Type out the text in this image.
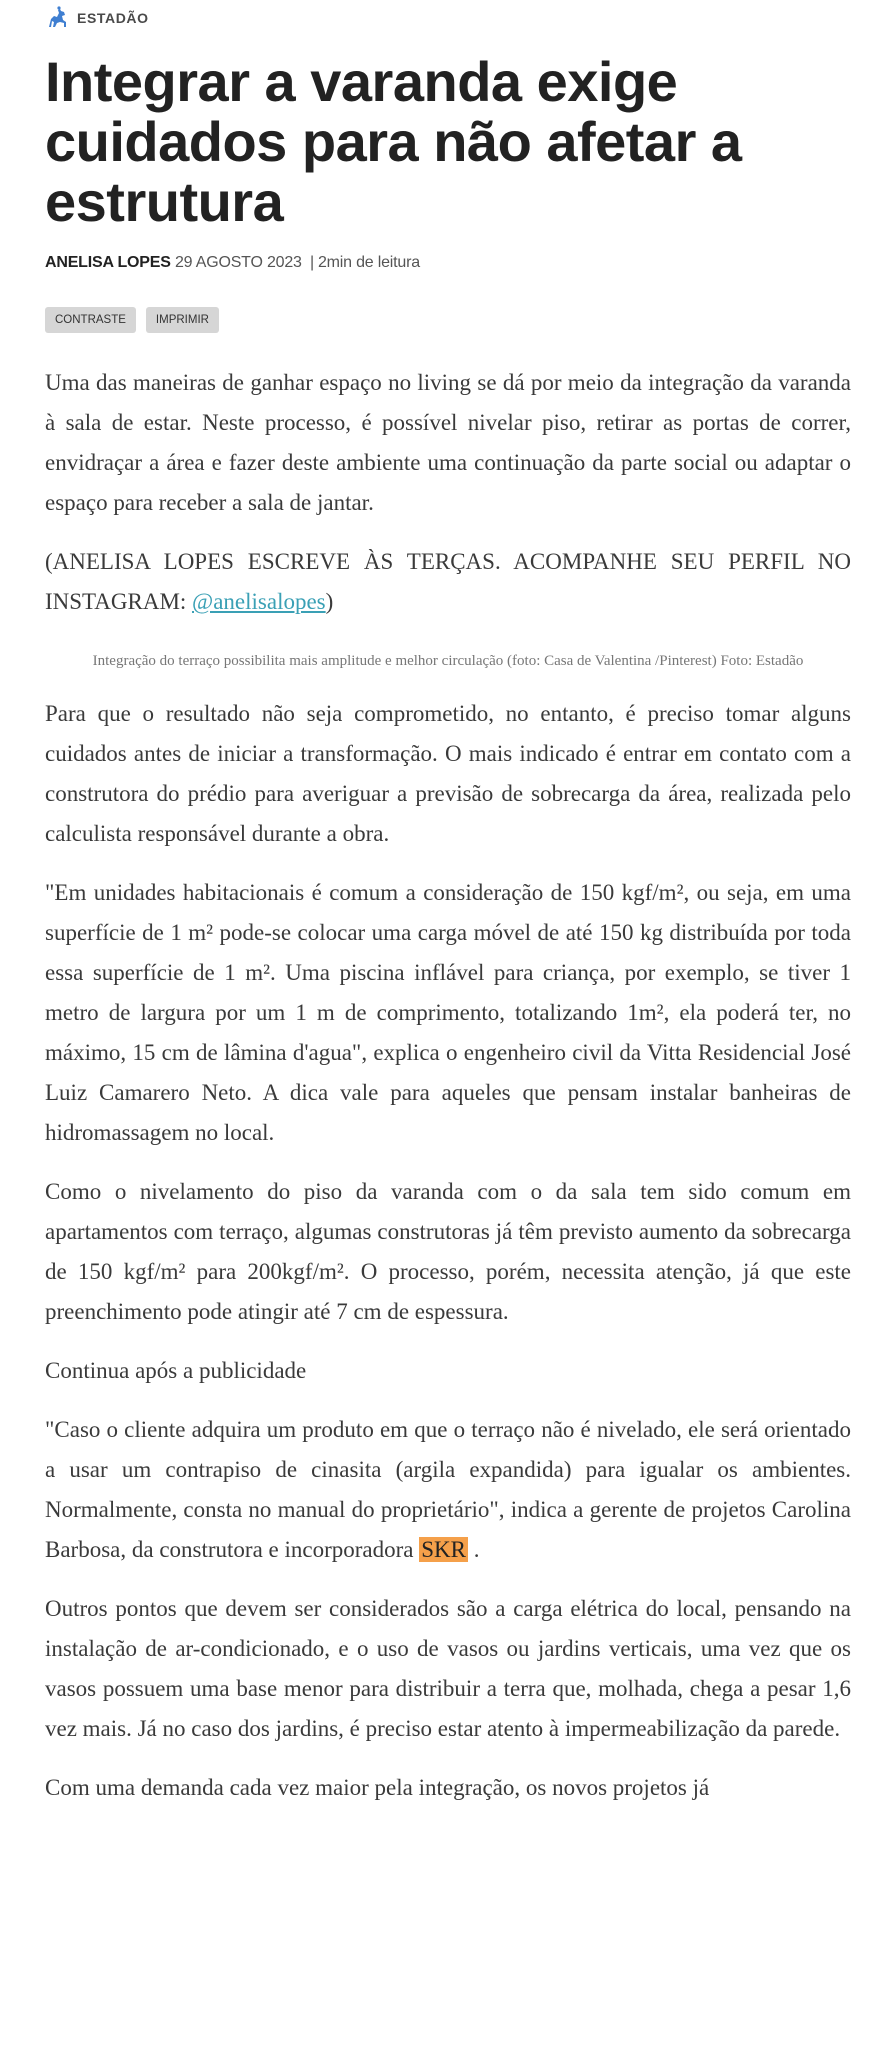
ESTADÃO
Integrar a varanda exige cuidados para não afetar a estrutura
ANELISA LOPES 29 AGOSTO 2023 | 2min de leitura
CONTRASTE	IMPRIMIR

Uma das maneiras de ganhar espaço no living se dá por meio da integração da varanda à sala de estar. Neste processo, é possível nivelar piso, retirar as portas de correr, envidraçar a área e fazer deste ambiente uma continuação da parte social ou adaptar o espaço para receber a sala de jantar.

(ANELISA LOPES ESCREVE ÀS TERÇAS. ACOMPANHE SEU PERFIL NO INSTAGRAM: @anelisalopes)

Integração do terraço possibilita mais amplitude e melhor circulação (foto: Casa de Valentina /Pinterest) Foto: Estadão

Para que o resultado não seja comprometido, no entanto, é preciso tomar alguns cuidados antes de iniciar a transformação. O mais indicado é entrar em contato com a construtora do prédio para averiguar a previsão de sobrecarga da área, realizada pelo calculista responsável durante a obra.

"Em unidades habitacionais é comum a consideração de 150 kgf/m², ou seja, em uma superfície de 1 m² pode-se colocar uma carga móvel de até 150 kg distribuída por toda essa superfície de 1 m². Uma piscina inflável para criança, por exemplo, se tiver 1 metro de largura por um 1 m de comprimento, totalizando 1m², ela poderá ter, no máximo, 15 cm de lâmina d'agua", explica o engenheiro civil da Vitta Residencial José Luiz Camarero Neto. A dica vale para aqueles que pensam instalar banheiras de hidromassagem no local.

Como o nivelamento do piso da varanda com o da sala tem sido comum em apartamentos com terraço, algumas construtoras já têm previsto aumento da sobrecarga de 150 kgf/m² para 200kgf/m². O processo, porém, necessita atenção, já que este preenchimento pode atingir até 7 cm de espessura.

Continua após a publicidade

"Caso o cliente adquira um produto em que o terraço não é nivelado, ele será orientado a usar um contrapiso de cinasita (argila expandida) para igualar os ambientes. Normalmente, consta no manual do proprietário", indica a gerente de projetos Carolina Barbosa, da construtora e incorporadora SKR .

Outros pontos que devem ser considerados são a carga elétrica do local, pensando na instalação de ar-condicionado, e o uso de vasos ou jardins verticais, uma vez que os vasos possuem uma base menor para distribuir a terra que, molhada, chega a pesar 1,6 vez mais. Já no caso dos jardins, é preciso estar atento à impermeabilização da parede.

Com uma demanda cada vez maior pela integração, os novos projetos já
